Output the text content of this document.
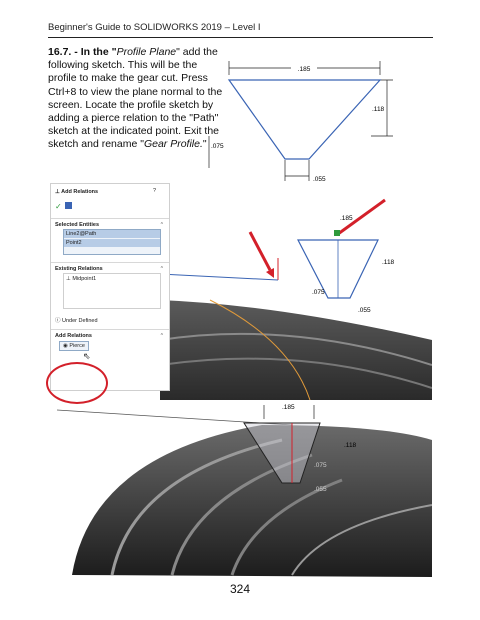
Beginner's Guide to SOLIDWORKS 2019 – Level I
16.7. - In the "Profile Plane" add the following sketch. This will be the profile to make the gear cut. Press Ctrl+8 to view the plane normal to the screen. Locate the profile sketch by adding a pierce relation to the "Path" sketch at the indicated point. Exit the sketch and rename "Gear Profile."
.185
.118
.075
.055
.185
.118
.075
.055
⊥ Add Relations	?
✓
Selected Entities	^
Line2@Path
Point2
Existing Relations	^
⊥ Midpoint1
ⓘ Under Defined
Add Relations	^
◉ Pierce
⇖
.185
.118
.075
.055
324
